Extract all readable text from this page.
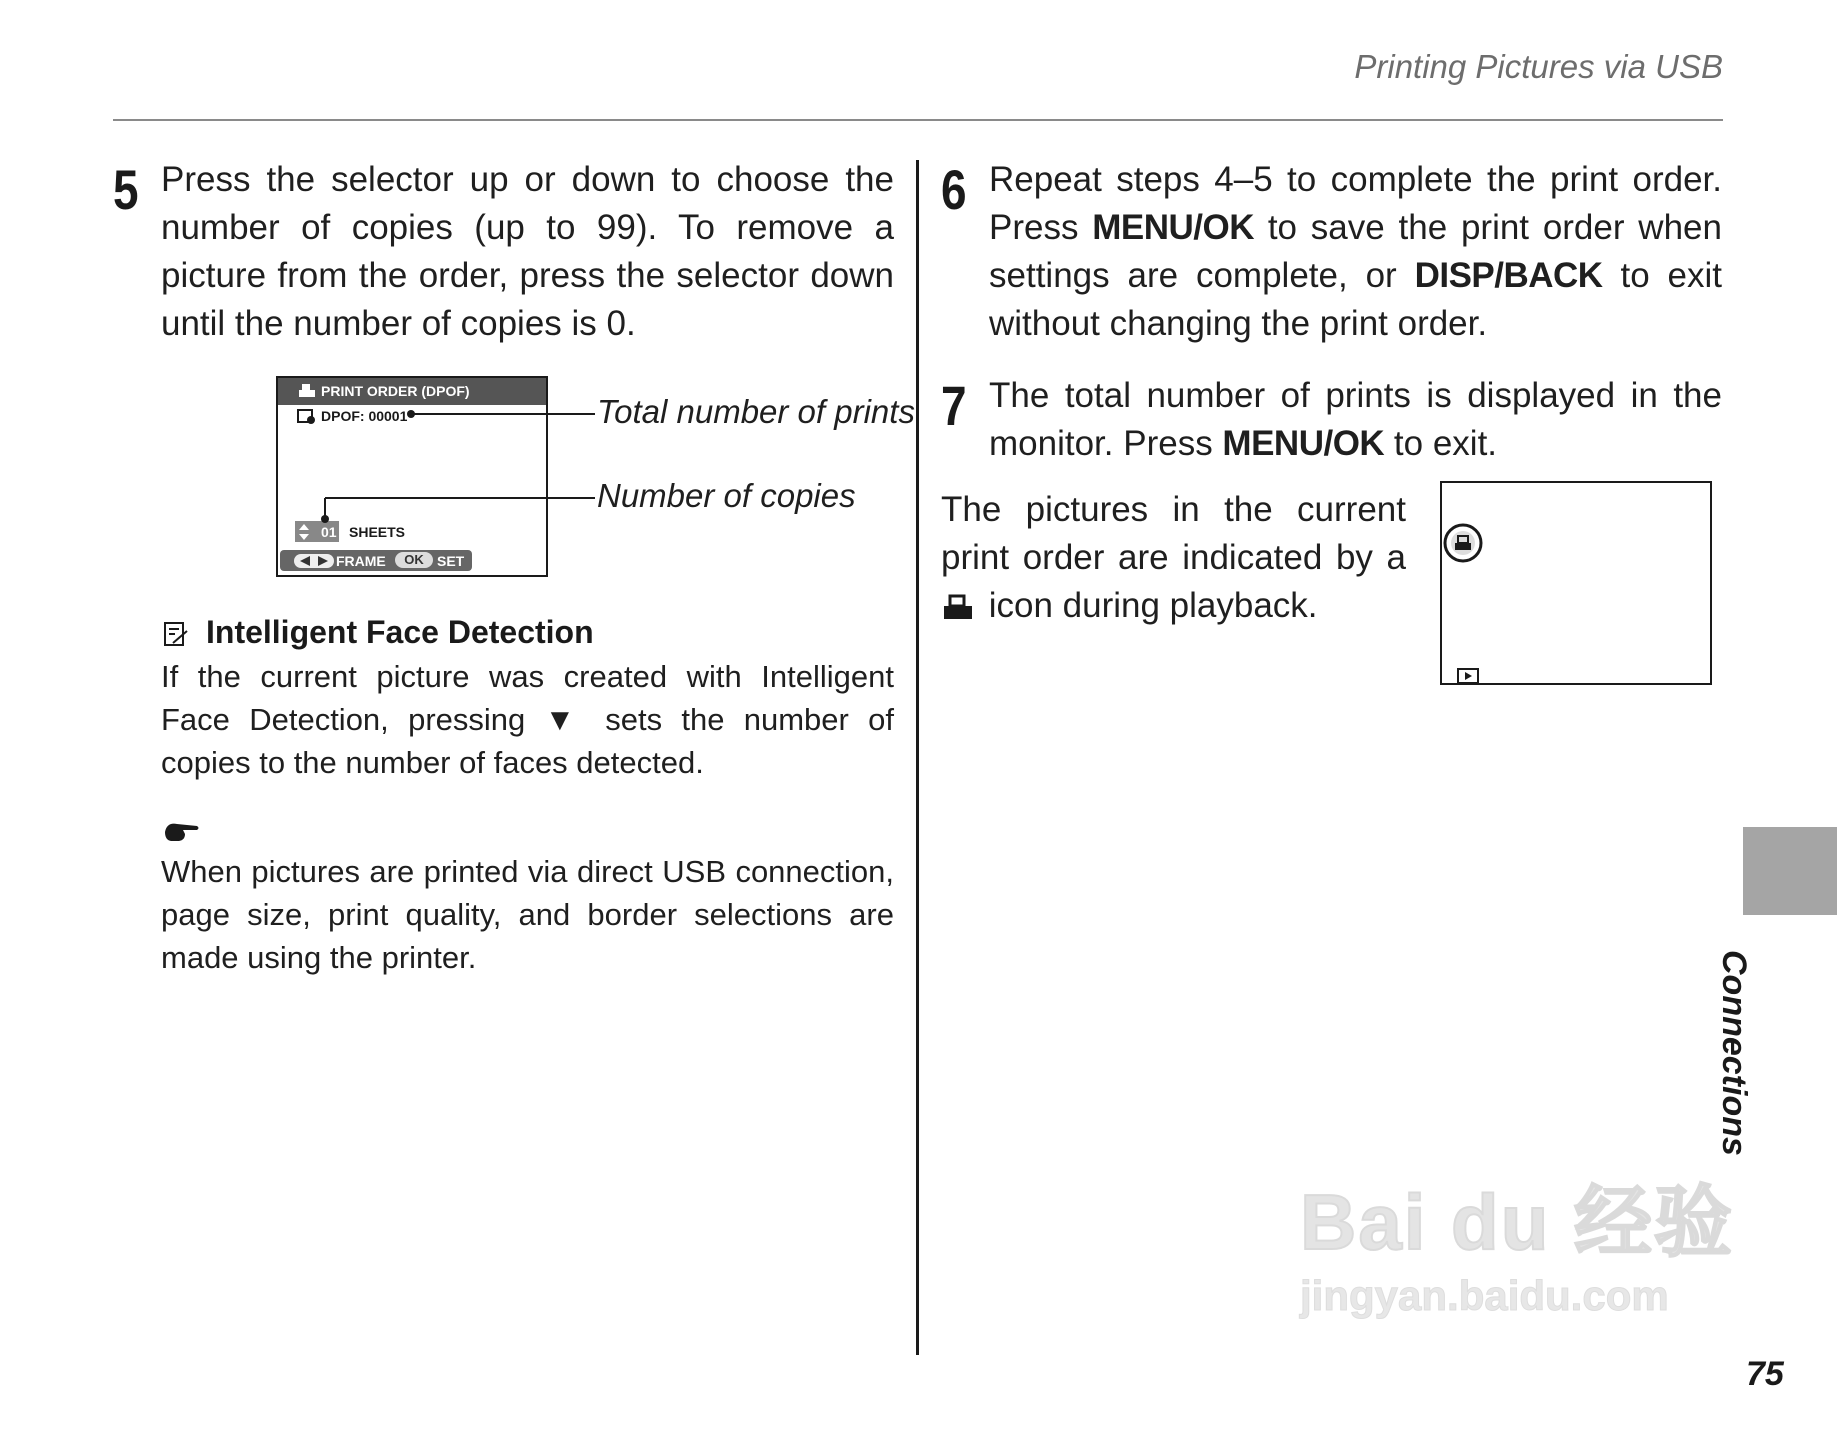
Printing Pictures via USB
5 Press the selector up or down to choose the number of copies (up to 99). To remove a picture from the order, press the selector down until the number of copies is 0.
PRINT ORDER (DPOF)
DPOF: 00001
01 SHEETS
FRAME	OK SET
Total number of prints
Number of copies
Intelligent Face Detection
If the current picture was created with Intelligent Face Detection, pressing ▼ sets the number of copies to the number of faces detected.
When pictures are printed via direct USB connection, page size, print quality, and border selections are made using the printer.
6 Repeat steps 4–5 to complete the print order. Press MENU/OK to save the print order when settings are complete, or DISP/BACK to exit without changing the print order.
7 The total number of prints is displayed in the monitor. Press MENU/OK to exit.
The pictures in the current print order are indicated by a  icon during playback.
Connections
Bai du 经验
jingyan.baidu.com
75
